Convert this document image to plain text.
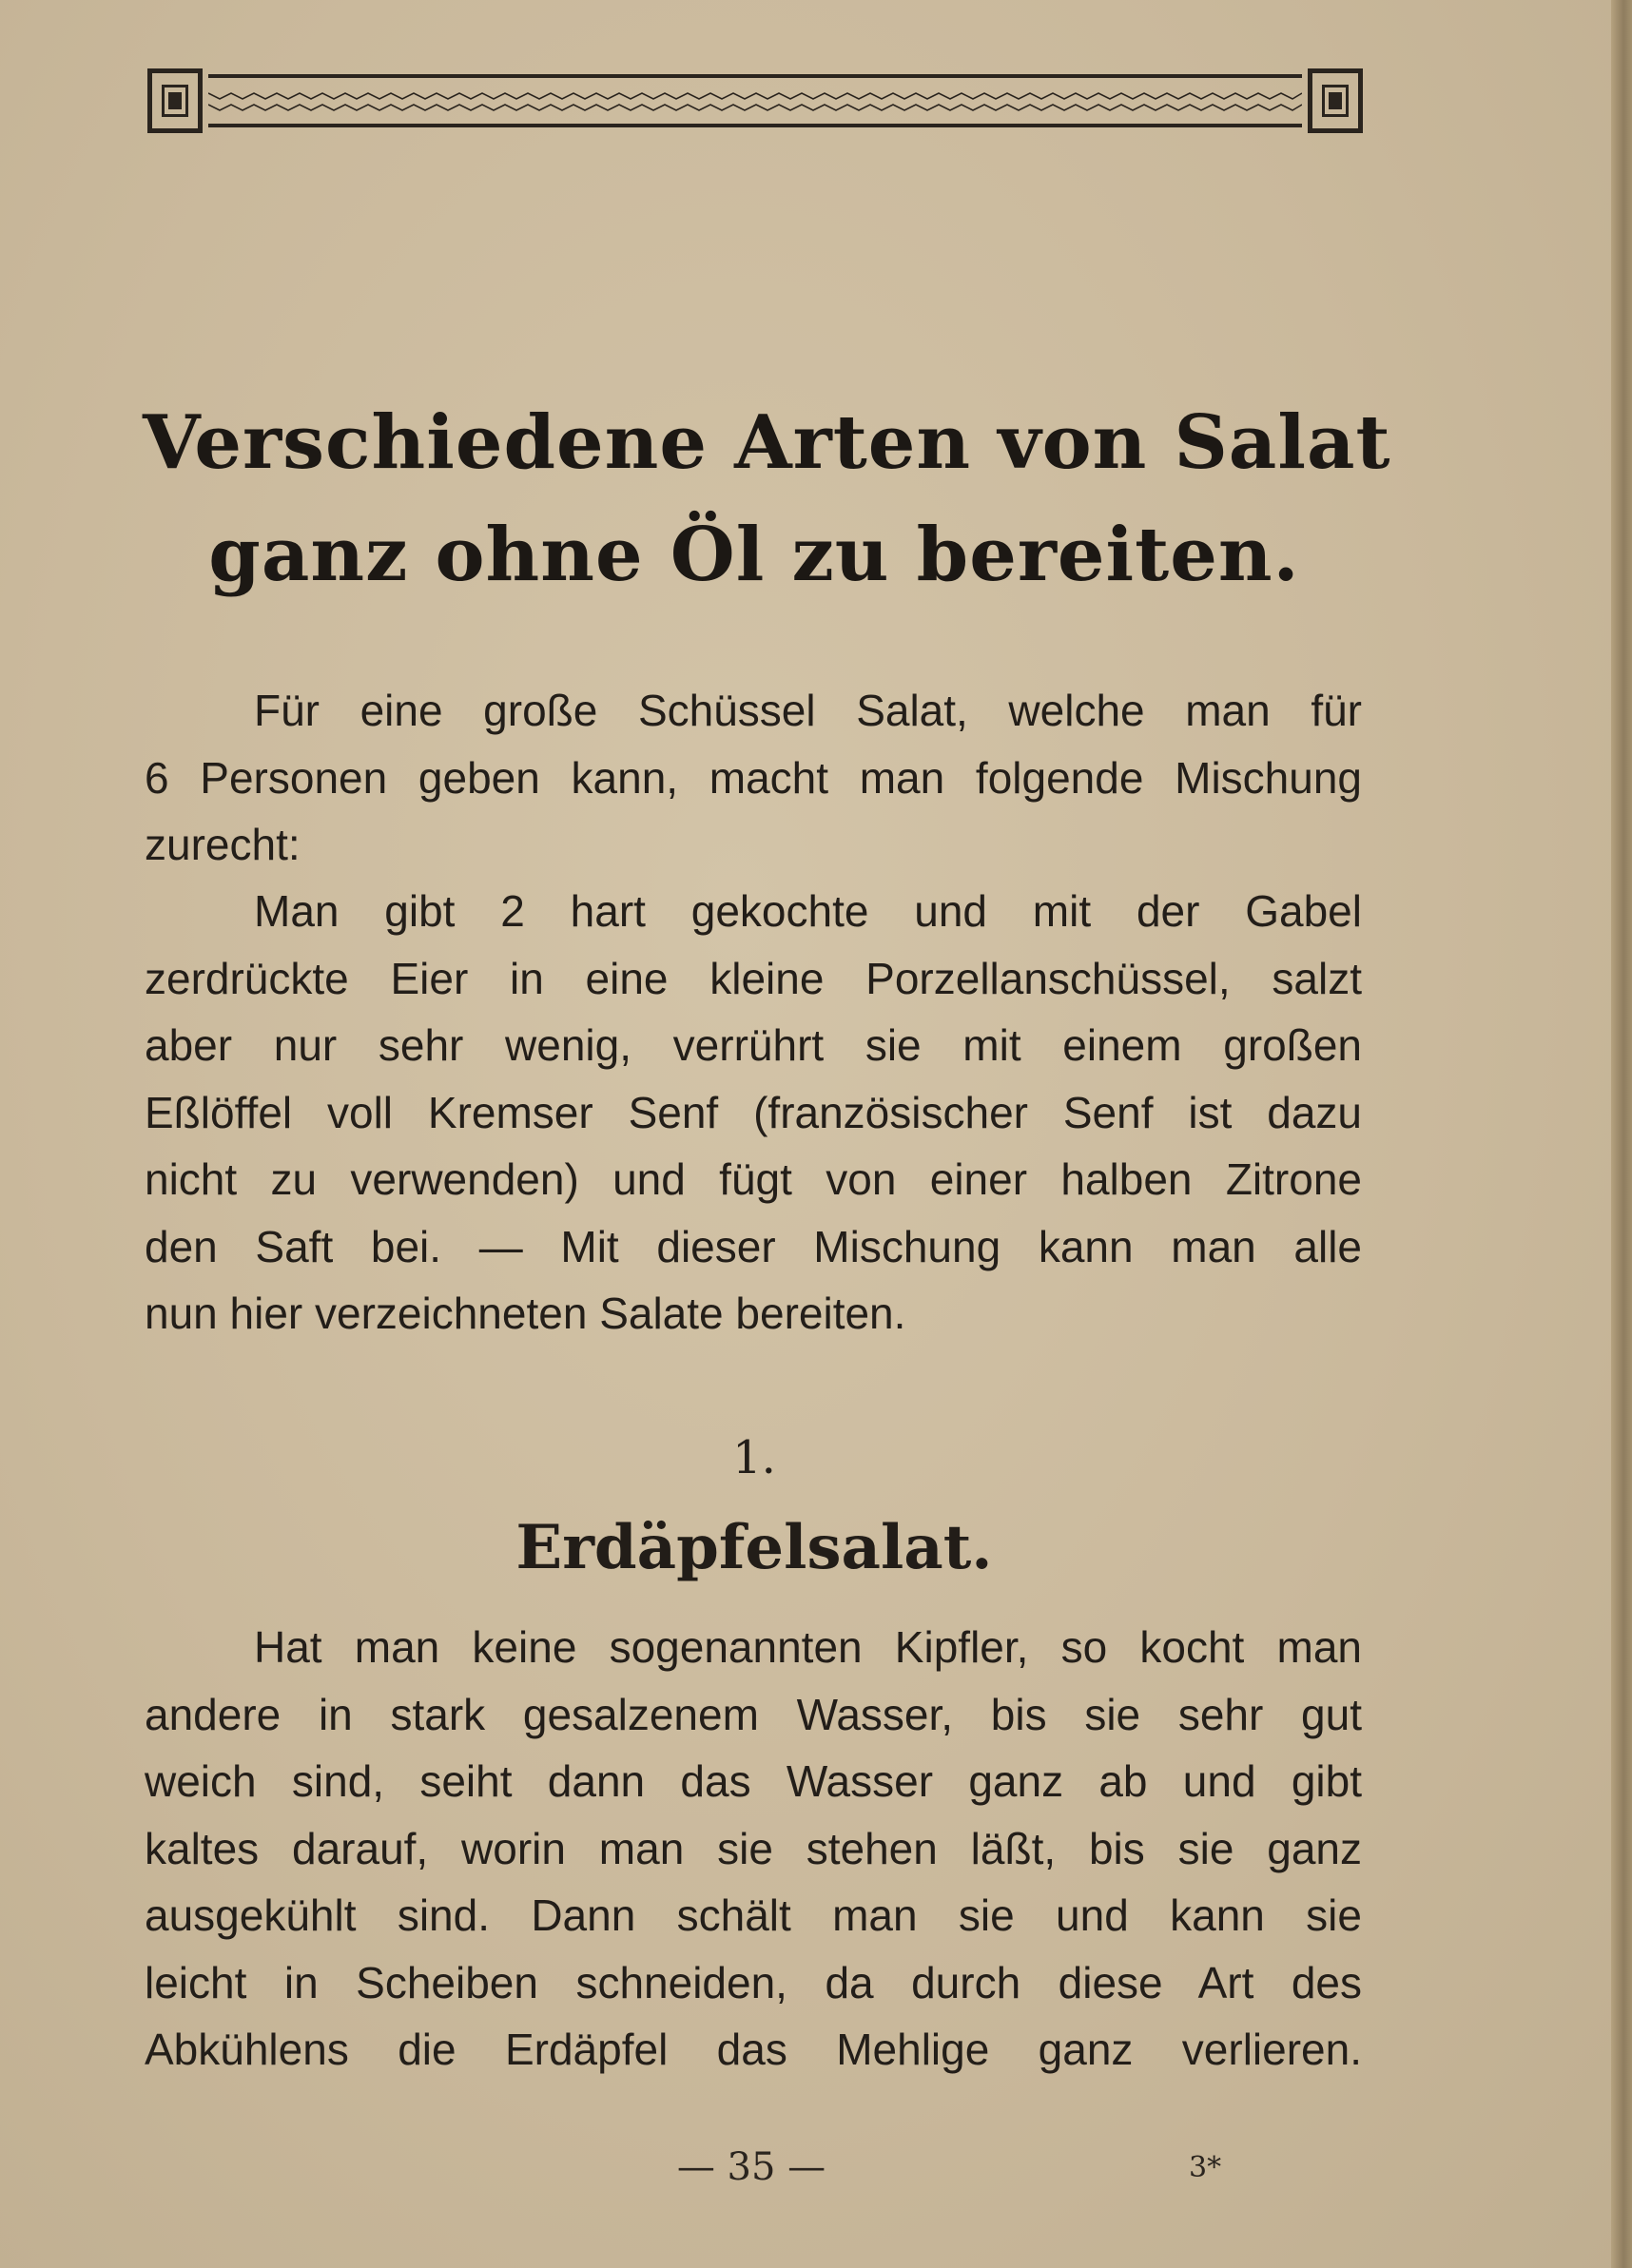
Verschiedene Arten von Salat
ganz ohne Öl zu bereiten.
Für eine große Schüssel Salat, welche man für
6 Personen geben kann, macht man folgende Mischung
zurecht:
Man gibt 2 hart gekochte und mit der Gabel
zerdrückte Eier in eine kleine Porzellanschüssel, salzt
aber nur sehr wenig, verrührt sie mit einem großen
Eßlöffel voll Kremser Senf (französischer Senf ist dazu
nicht zu verwenden) und fügt von einer halben Zitrone
den Saft bei. — Mit dieser Mischung kann man alle
nun hier verzeichneten Salate bereiten.

1.

Erdäpfelsalat.
Hat man keine sogenannten Kipfler, so kocht man
andere in stark gesalzenem Wasser, bis sie sehr gut
weich sind, seiht dann das Wasser ganz ab und gibt
kaltes darauf, worin man sie stehen läßt, bis sie ganz
ausgekühlt sind. Dann schält man sie und kann sie
leicht in Scheiben schneiden, da durch diese Art des
Abkühlens die Erdäpfel das Mehlige ganz verlieren.
— 35 —	3*
